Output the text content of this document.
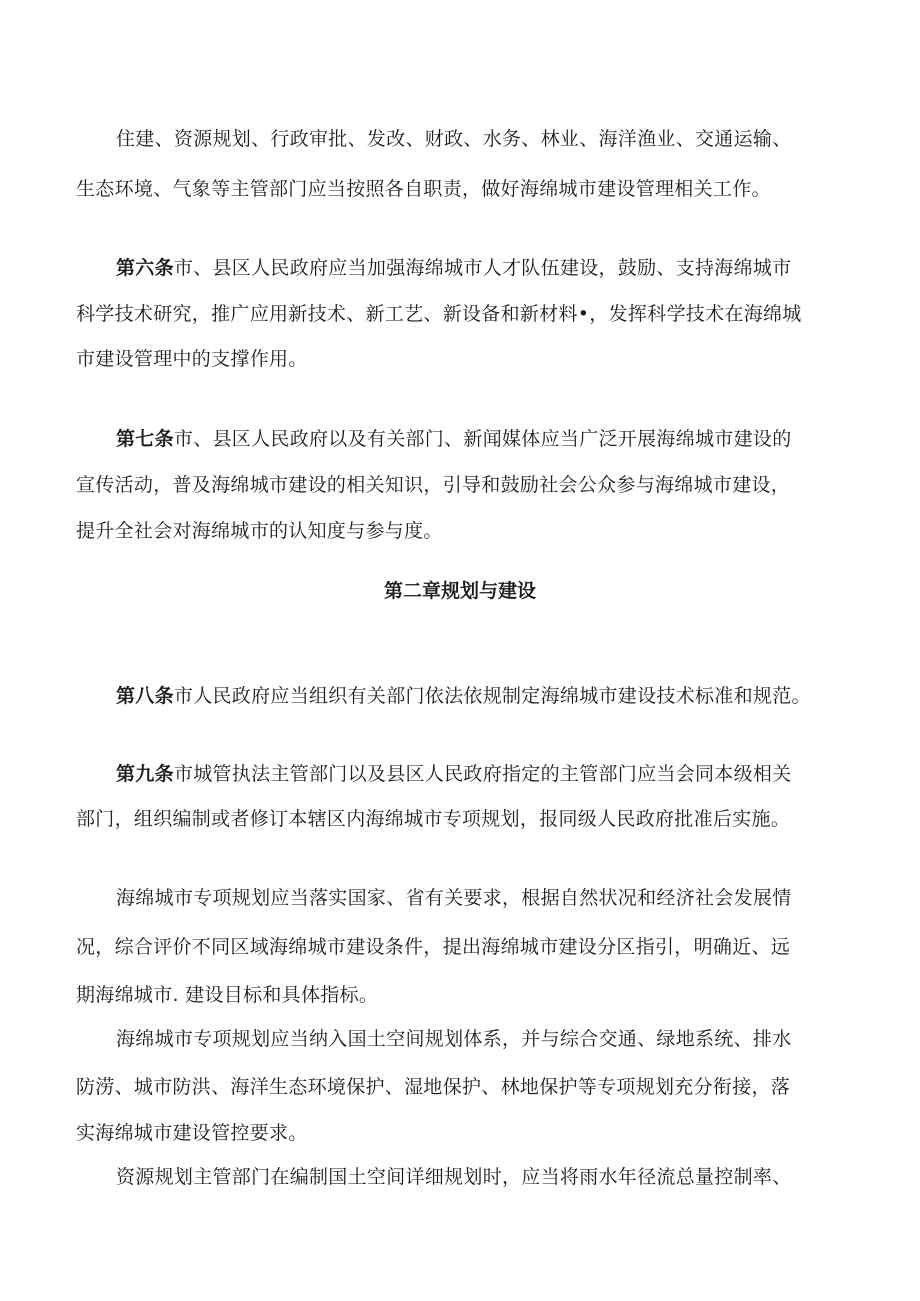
住建、资源规划、行政审批、发改、财政、水务、林业、海洋渔业、交通运输、
生态环境、气象等主管部门应当按照各自职责，做好海绵城市建设管理相关工作。
第六条市、县区人民政府应当加强海绵城市人才队伍建设，鼓励、支持海绵城市
科学技术研究，推广应用新技术、新工艺、新设备和新材料•，发挥科学技术在海绵城
市建设管理中的支撑作用。
第七条市、县区人民政府以及有关部门、新闻媒体应当广泛开展海绵城市建设的
宣传活动，普及海绵城市建设的相关知识，引导和鼓励社会公众参与海绵城市建设，
提升全社会对海绵城市的认知度与参与度。
第二章规划与建设
第八条市人民政府应当组织有关部门依法依规制定海绵城市建设技术标准和规范。
第九条市城管执法主管部门以及县区人民政府指定的主管部门应当会同本级相关
部门，组织编制或者修订本辖区内海绵城市专项规划，报同级人民政府批准后实施。
海绵城市专项规划应当落实国家、省有关要求，根据自然状况和经济社会发展情
况，综合评价不同区域海绵城市建设条件，提出海绵城市建设分区指引，明确近、远
期海绵城市. 建设目标和具体指标。
海绵城市专项规划应当纳入国土空间规划体系，并与综合交通、绿地系统、排水
防涝、城市防洪、海洋生态环境保护、湿地保护、林地保护等专项规划充分衔接，落
实海绵城市建设管控要求。
资源规划主管部门在编制国土空间详细规划时，应当将雨水年径流总量控制率、
